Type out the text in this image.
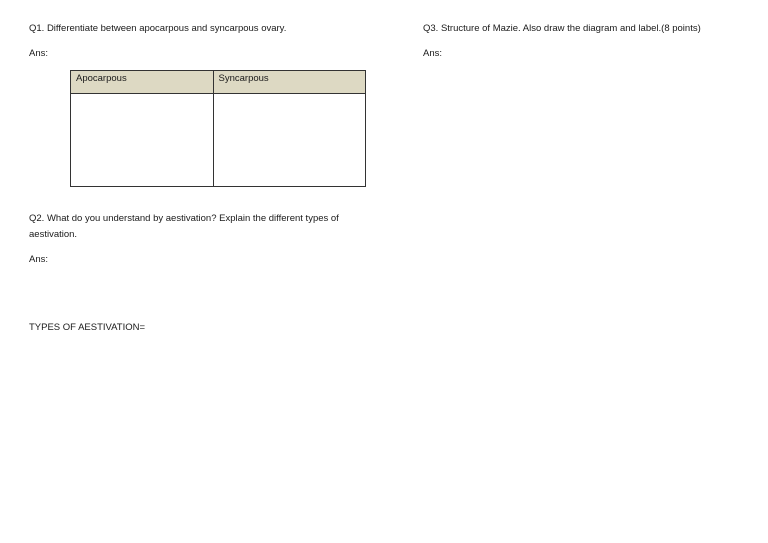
Q1. Differentiate between apocarpous and syncarpous ovary.

Ans:
Apocarpous	Syncarpous

Q2. What do you understand by aestivation? Explain the different types of aestivation.

Ans:
TYPES OF AESTIVATION=

Q3. Structure of Mazie. Also draw the diagram and label.(8 points)

Ans:
